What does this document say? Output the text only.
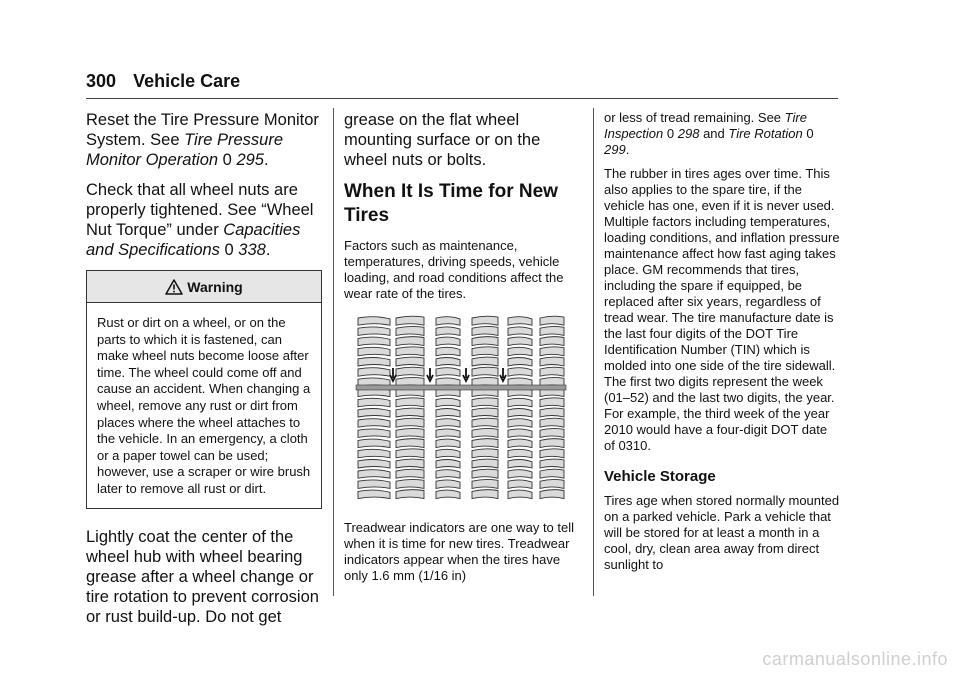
300 Vehicle Care

Reset the Tire Pressure Monitor System. See Tire Pressure Monitor Operation 0 295.

Check that all wheel nuts are properly tightened. See “Wheel Nut Torque” under Capacities and Specifications 0 338.

Warning
Rust or dirt on a wheel, or on the parts to which it is fastened, can make wheel nuts become loose after time. The wheel could come off and cause an accident. When changing a wheel, remove any rust or dirt from places where the wheel attaches to the vehicle. In an emergency, a cloth or a paper towel can be used; however, use a scraper or wire brush later to remove all rust or dirt.

Lightly coat the center of the wheel hub with wheel bearing grease after a wheel change or tire rotation to prevent corrosion or rust build-up. Do not get

grease on the flat wheel mounting surface or on the wheel nuts or bolts.

When It Is Time for New Tires

Factors such as maintenance, temperatures, driving speeds, vehicle loading, and road conditions affect the wear rate of the tires.

Treadwear indicators are one way to tell when it is time for new tires. Treadwear indicators appear when the tires have only 1.6 mm (1/16 in)

or less of tread remaining. See Tire Inspection 0 298 and Tire Rotation 0 299.

The rubber in tires ages over time. This also applies to the spare tire, if the vehicle has one, even if it is never used. Multiple factors including temperatures, loading conditions, and inflation pressure maintenance affect how fast aging takes place. GM recommends that tires, including the spare if equipped, be replaced after six years, regardless of tread wear. The tire manufacture date is the last four digits of the DOT Tire Identification Number (TIN) which is molded into one side of the tire sidewall. The first two digits represent the week (01–52) and the last two digits, the year. For example, the third week of the year 2010 would have a four-digit DOT date of 0310.

Vehicle Storage

Tires age when stored normally mounted on a parked vehicle. Park a vehicle that will be stored for at least a month in a cool, dry, clean area away from direct sunlight to

carmanualsonline.info
